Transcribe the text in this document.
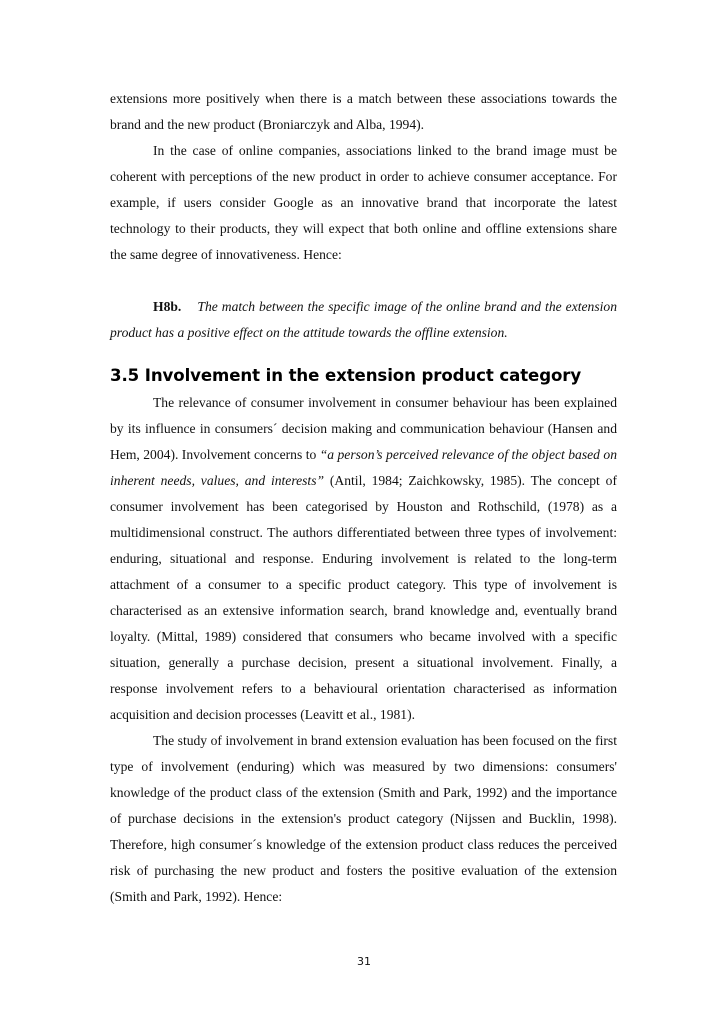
extensions more positively when there is a match between these associations towards the brand and the new product (Broniarczyk and Alba, 1994).

In the case of online companies, associations linked to the brand image must be coherent with perceptions of the new product in order to achieve consumer acceptance. For example, if users consider Google as an innovative brand that incorporate the latest technology to their products, they will expect that both online and offline extensions share the same degree of innovativeness. Hence:

H8b. The match between the specific image of the online brand and the extension product has a positive effect on the attitude towards the offline extension.

3.5 Involvement in the extension product category

The relevance of consumer involvement in consumer behaviour has been explained by its influence in consumers´ decision making and communication behaviour (Hansen and Hem, 2004). Involvement concerns to “a person’s perceived relevance of the object based on inherent needs, values, and interests” (Antil, 1984; Zaichkowsky, 1985). The concept of consumer involvement has been categorised by Houston and Rothschild, (1978) as a multidimensional construct. The authors differentiated between three types of involvement: enduring, situational and response. Enduring involvement is related to the long-term attachment of a consumer to a specific product category. This type of involvement is characterised as an extensive information search, brand knowledge and, eventually brand loyalty. (Mittal, 1989) considered that consumers who became involved with a specific situation, generally a purchase decision, present a situational involvement. Finally, a response involvement refers to a behavioural orientation characterised as information acquisition and decision processes (Leavitt et al., 1981).

The study of involvement in brand extension evaluation has been focused on the first type of involvement (enduring) which was measured by two dimensions: consumers' knowledge of the product class of the extension (Smith and Park, 1992) and the importance of purchase decisions in the extension's product category (Nijssen and Bucklin, 1998). Therefore, high consumer´s knowledge of the extension product class reduces the perceived risk of purchasing the new product and fosters the positive evaluation of the extension (Smith and Park, 1992). Hence:

31
